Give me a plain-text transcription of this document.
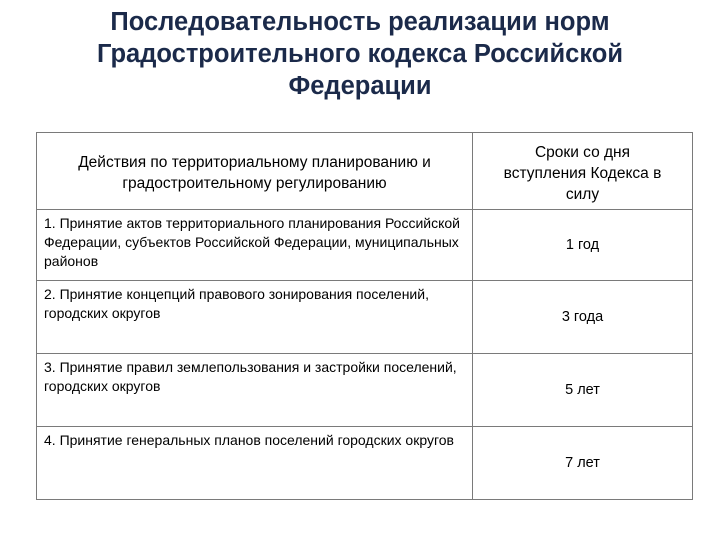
Последовательность реализации норм
Градостроительного кодекса Российской
Федерации
Действия по территориальному планированию и градостроительному регулированию	Сроки со дня вступления Кодекса в силу

1. Принятие актов территориального планирования Российской Федерации, субъектов Российской Федерации, муниципальных районов	1 год
2. Принятие концепций правового зонирования поселений, городских округов	3 года
3. Принятие правил землепользования и застройки поселений, городских округов	5 лет
4. Принятие генеральных планов поселений городских округов	7 лет
